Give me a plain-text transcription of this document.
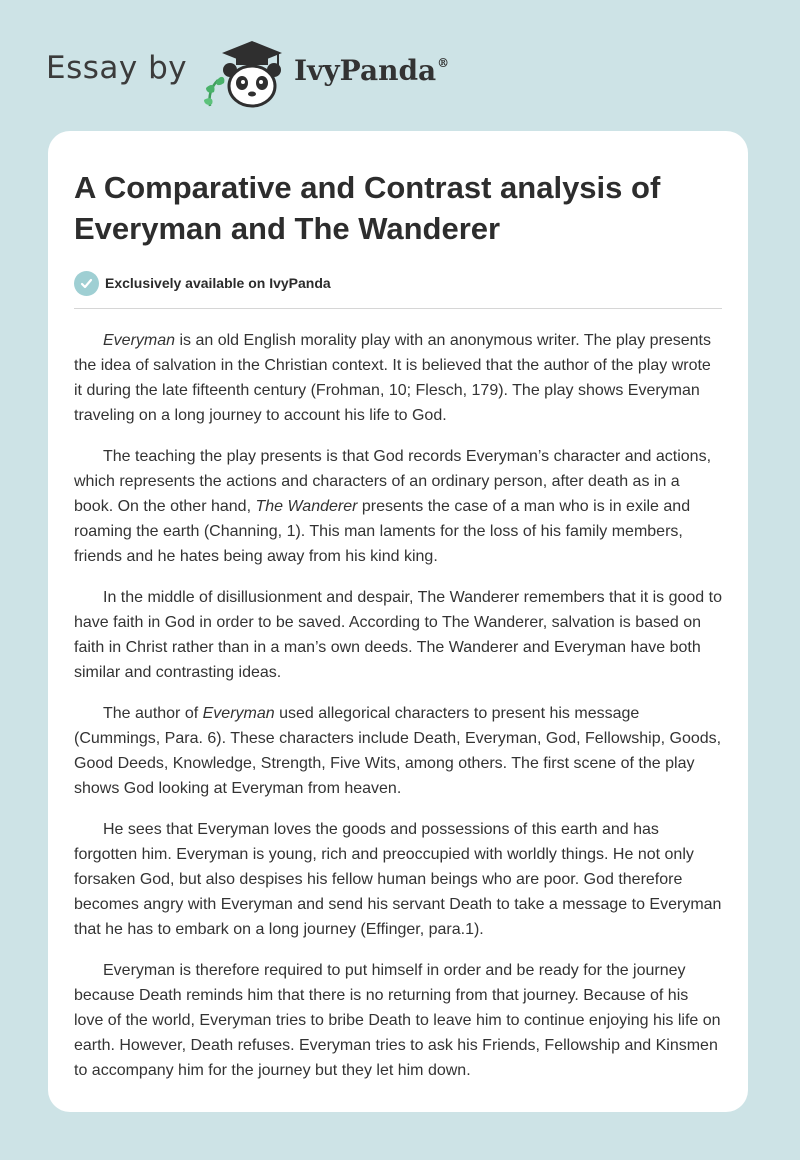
Essay by	IvyPanda®
A Comparative and Contrast analysis of Everyman and The Wanderer
Exclusively available on IvyPanda

Everyman is an old English morality play with an anonymous writer. The play presents the idea of salvation in the Christian context. It is believed that the author of the play wrote it during the late fifteenth century (Frohman, 10; Flesch, 179). The play shows Everyman traveling on a long journey to account his life to God.

The teaching the play presents is that God records Everyman’s character and actions, which represents the actions and characters of an ordinary person, after death as in a book. On the other hand, The Wanderer presents the case of a man who is in exile and roaming the earth (Channing, 1). This man laments for the loss of his family members, friends and he hates being away from his kind king.

In the middle of disillusionment and despair, The Wanderer remembers that it is good to have faith in God in order to be saved. According to The Wanderer, salvation is based on faith in Christ rather than in a man’s own deeds. The Wanderer and Everyman have both similar and contrasting ideas.

The author of Everyman used allegorical characters to present his message (Cummings, Para. 6). These characters include Death, Everyman, God, Fellowship, Goods, Good Deeds, Knowledge, Strength, Five Wits, among others. The first scene of the play shows God looking at Everyman from heaven.

He sees that Everyman loves the goods and possessions of this earth and has forgotten him. Everyman is young, rich and preoccupied with worldly things. He not only forsaken God, but also despises his fellow human beings who are poor. God therefore becomes angry with Everyman and send his servant Death to take a message to Everyman that he has to embark on a long journey (Effinger, para.1).

Everyman is therefore required to put himself in order and be ready for the journey because Death reminds him that there is no returning from that journey. Because of his love of the world, Everyman tries to bribe Death to leave him to continue enjoying his life on earth. However, Death refuses. Everyman tries to ask his Friends, Fellowship and Kinsmen to accompany him for the journey but they let him down.
